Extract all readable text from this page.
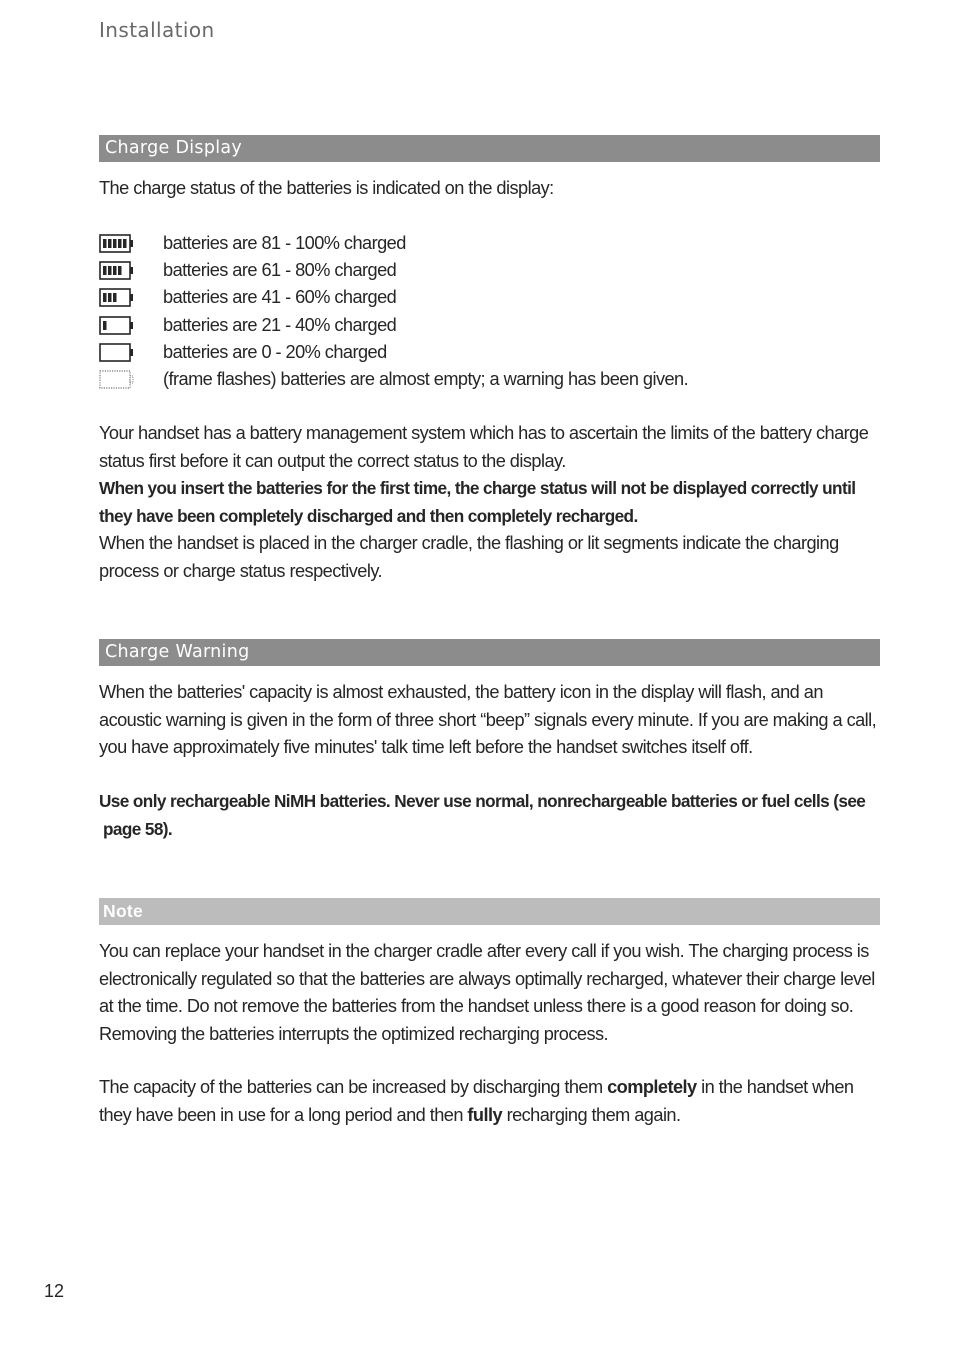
Installation
Charge Display
The charge status of the batteries is indicated on the display:
batteries are 81 - 100% charged
batteries are 61 - 80% charged
batteries are 41 - 60% charged
batteries are 21 - 40% charged
batteries are 0 - 20% charged
(frame flashes) batteries are almost empty; a warning has been given.
Your handset has a battery management system which has to ascertain the limits of the battery charge status first before it can output the correct status to the display.
When you insert the batteries for the first time, the charge status will not be displayed correctly until they have been completely discharged and then completely recharged.
When the handset is placed in the charger cradle, the flashing or lit segments indicate the charging process or charge status respectively.
Charge Warning
When the batteries' capacity is almost exhausted, the battery icon in the display will flash, and an acoustic warning is given in the form of three short “beep” signals every minute. If you are making a call, you have approximately five minutes' talk time left before the handset switches itself off.
Use only rechargeable NiMH batteries. Never use normal, nonrechargeable batteries or fuel cells (see
page 58).
Note
You can replace your handset in the charger cradle after every call if you wish. The charging process is electronically regulated so that the batteries are always optimally recharged, whatever their charge level at the time. Do not remove the batteries from the handset unless there is a good reason for doing so. Removing the batteries interrupts the optimized recharging process.
The capacity of the batteries can be increased by discharging them completely in the handset when they have been in use for a long period and then fully recharging them again.
12
